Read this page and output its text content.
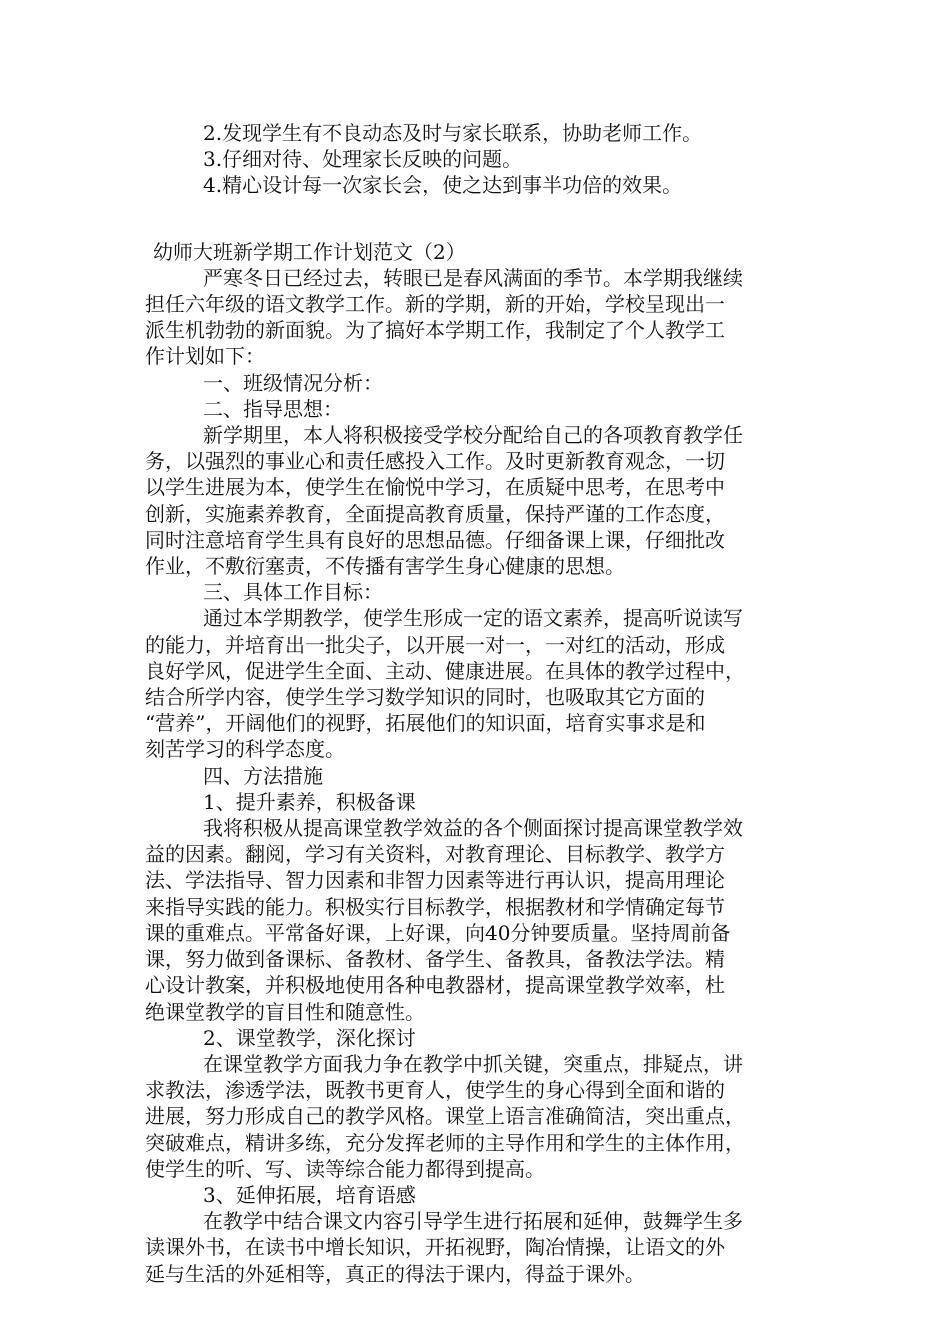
2.发现学生有不良动态及时与家长联系，协助老师工作。

3.仔细对待、处理家长反映的问题。

4.精心设计每一次家长会，使之达到事半功倍的效果。

幼师大班新学期工作计划范文（2）

严寒冬日已经过去，转眼已是春风满面的季节。本学期我继续

担任六年级的语文教学工作。新的学期，新的开始，学校呈现出一

派生机勃勃的新面貌。为了搞好本学期工作，我制定了个人教学工

作计划如下：

一、班级情况分析：

二、指导思想：

新学期里，本人将积极接受学校分配给自己的各项教育教学任

务，以强烈的事业心和责任感投入工作。及时更新教育观念，一切

以学生进展为本，使学生在愉悦中学习，在质疑中思考，在思考中

创新，实施素养教育，全面提高教育质量，保持严谨的工作态度，

同时注意培育学生具有良好的思想品德。仔细备课上课，仔细批改

作业，不敷衍塞责，不传播有害学生身心健康的思想。

三、具体工作目标：

通过本学期教学，使学生形成一定的语文素养，提高听说读写

的能力，并培育出一批尖子，以开展一对一，一对红的活动，形成

良好学风，促进学生全面、主动、健康进展。在具体的教学过程中，

结合所学内容，使学生学习数学知识的同时，也吸取其它方面的

“营养”，开阔他们的视野，拓展他们的知识面，培育实事求是和

刻苦学习的科学态度。

四、方法措施

1、提升素养，积极备课

我将积极从提高课堂教学效益的各个侧面探讨提高课堂教学效

益的因素。翻阅，学习有关资料，对教育理论、目标教学、教学方

法、学法指导、智力因素和非智力因素等进行再认识，提高用理论

来指导实践的能力。积极实行目标教学，根据教材和学情确定每节

课的重难点。平常备好课，上好课，向40分钟要质量。坚持周前备

课，努力做到备课标、备教材、备学生、备教具，备教法学法。精

心设计教案，并积极地使用各种电教器材，提高课堂教学效率，杜

绝课堂教学的盲目性和随意性。

2、课堂教学，深化探讨

在课堂教学方面我力争在教学中抓关键，突重点，排疑点，讲

求教法，渗透学法，既教书更育人，使学生的身心得到全面和谐的

进展，努力形成自己的教学风格。课堂上语言准确简洁，突出重点，

突破难点，精讲多练，充分发挥老师的主导作用和学生的主体作用，

使学生的听、写、读等综合能力都得到提高。

3、延伸拓展，培育语感

在教学中结合课文内容引导学生进行拓展和延伸，鼓舞学生多

读课外书，在读书中增长知识，开拓视野，陶冶情操，让语文的外

延与生活的外延相等，真正的得法于课内，得益于课外。
